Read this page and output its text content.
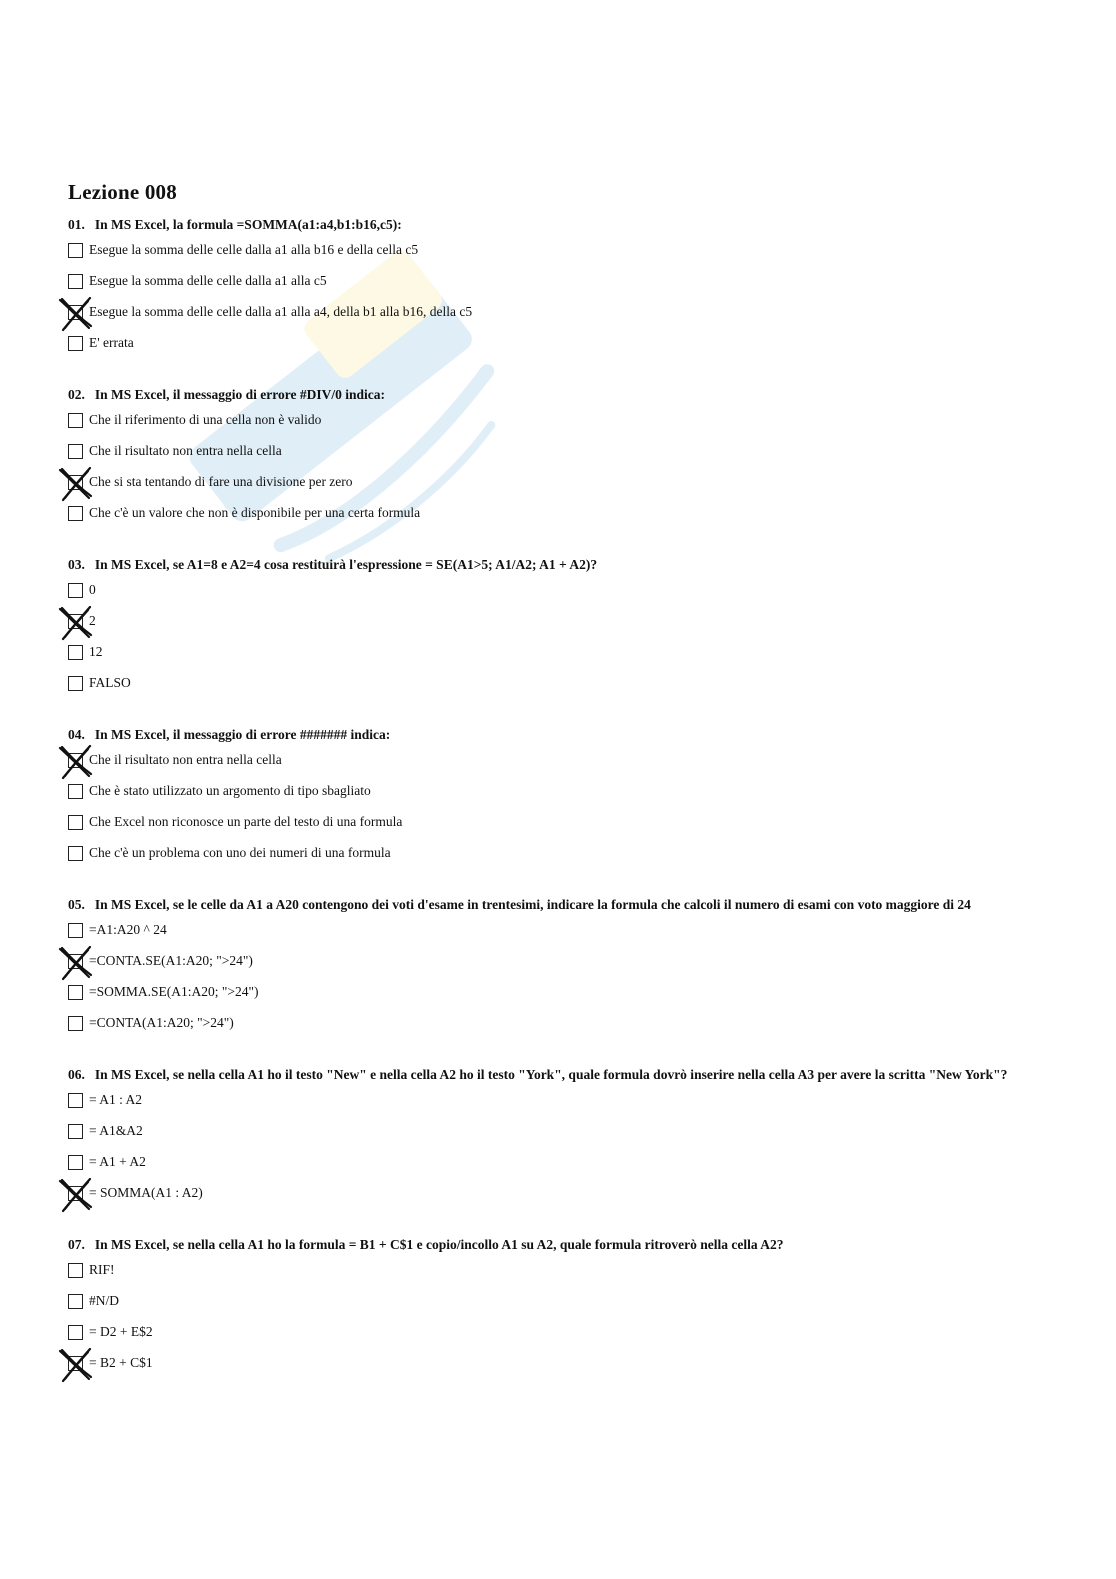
Lezione 008
01. In MS Excel, la formula =SOMMA(a1:a4,b1:b16,c5):
Esegue la somma delle celle dalla a1 alla b16 e della cella c5
Esegue la somma delle celle dalla a1 alla c5
Esegue la somma delle celle dalla a1 alla a4, della b1 alla b16, della c5
E' errata
02. In MS Excel, il messaggio di errore #DIV/0 indica:
Che il riferimento di una cella non è valido
Che il risultato non entra nella cella
Che si sta tentando di fare una divisione per zero
Che c'è un valore che non è disponibile per una certa formula
03. In MS Excel, se A1=8 e A2=4 cosa restituirà l'espressione = SE(A1>5; A1/A2; A1 + A2)?
0
2
12
FALSO
04. In MS Excel, il messaggio di errore ####### indica:
Che il risultato non entra nella cella
Che è stato utilizzato un argomento di tipo sbagliato
Che Excel non riconosce un parte del testo di una formula
Che c'è un problema con uno dei numeri di una formula
05. In MS Excel, se le celle da A1 a A20 contengono dei voti d'esame in trentesimi, indicare la formula che calcoli il numero di esami con voto maggiore di 24
=A1:A20 ^ 24
=CONTA.SE(A1:A20; ">24")
=SOMMA.SE(A1:A20; ">24")
=CONTA(A1:A20; ">24")
06. In MS Excel, se nella cella A1 ho il testo "New" e nella cella A2 ho il testo "York", quale formula dovrò inserire nella cella A3 per avere la scritta "New York"?
= A1 : A2
= A1&A2
= A1 + A2
= SOMMA(A1 : A2)
07. In MS Excel, se nella cella A1 ho la formula = B1 + C$1 e copio/incollo A1 su A2, quale formula ritroverò nella cella A2?
RIF!
#N/D
= D2 + E$2
= B2 + C$1
